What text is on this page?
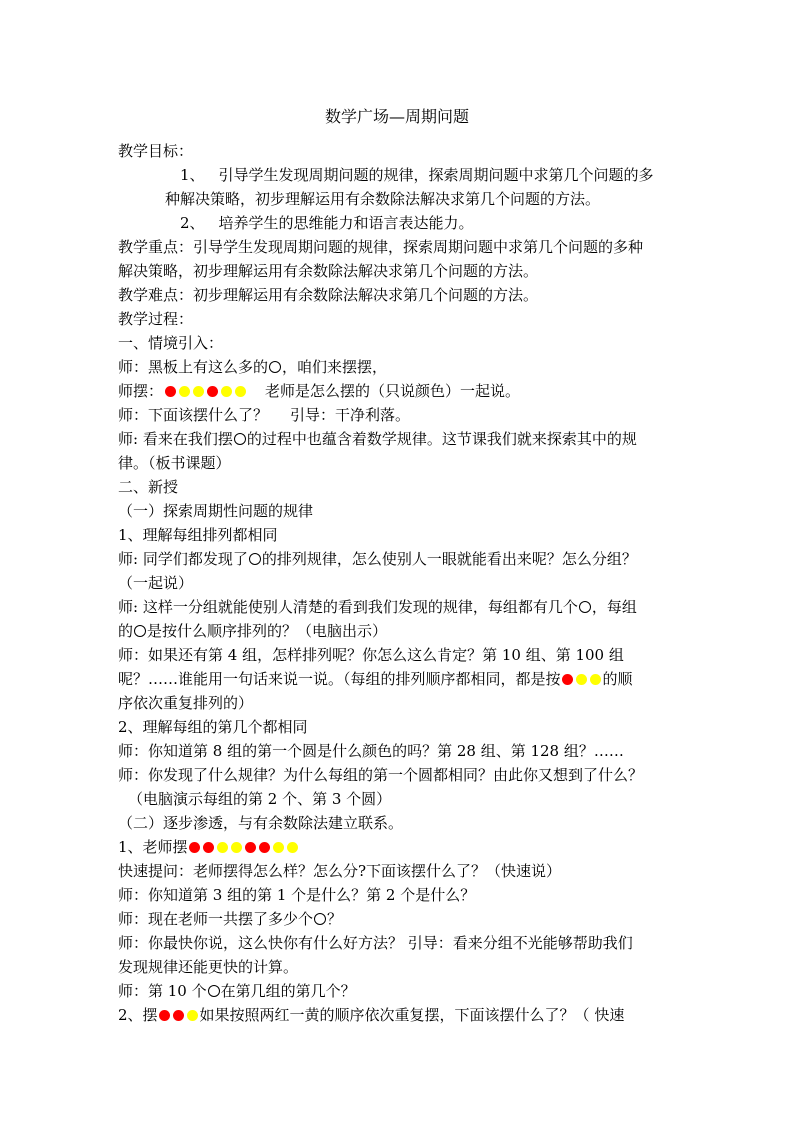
数学广场—周期问题
教学目标：
1、 引导学生发现周期问题的规律，探索周期问题中求第几个问题的多
种解决策略，初步理解运用有余数除法解决求第几个问题的方法。
2、 培养学生的思维能力和语言表达能力。
教学重点：引导学生发现周期问题的规律，探索周期问题中求第几个问题的多种
解决策略，初步理解运用有余数除法解决求第几个问题的方法。
教学难点：初步理解运用有余数除法解决求第几个问题的方法。
教学过程：
一、情境引入：
师：黑板上有这么多的 ，咱们来摆摆，
师摆：	老师是怎么摆的（只说颜色）一起说。
师：下面该摆什么了？ 引导：干净利落。
师: 看来在我们摆 的过程中也蕴含着数学规律。这节课我们就来探索其中的规
律。（板书课题）
二、新授
（一）探索周期性问题的规律
1、理解每组排列都相同
师: 同学们都发现了 的排列规律，怎么使别人一眼就能看出来呢？怎么分组？
（一起说）
师: 这样一分组就能使别人清楚的看到我们发现的规律，每组都有几个 ，每组
的 是按什么顺序排列的？（电脑出示）
师：如果还有第 4 组，怎样排列呢？你怎么这么肯定？第 10 组、第 100 组
呢？……谁能用一句话来说一说。（每组的排列顺序都相同，都是按	的顺
序依次重复排列的）
2、理解每组的第几个都相同
师：你知道第 8 组的第一个圆是什么颜色的吗？第 28 组、第 128 组？……
师：你发现了什么规律？为什么每组的第一个圆都相同？由此你又想到了什么？
（电脑演示每组的第 2 个、第 3 个圆）
（二）逐步渗透，与有余数除法建立联系。
1、老师摆
快速提问：老师摆得怎么样？怎么分?下面该摆什么了？（快速说）
师：你知道第 3 组的第 1 个是什么？第 2 个是什么？
师：现在老师一共摆了多少个 ？
师：你最快你说，这么快你有什么好方法？ 引导：看来分组不光能够帮助我们
发现规律还能更快的计算。
师：第 10 个 在第几组的第几个？
2、摆	如果按照两红一黄的顺序依次重复摆，下面该摆什么了？（ 快速
